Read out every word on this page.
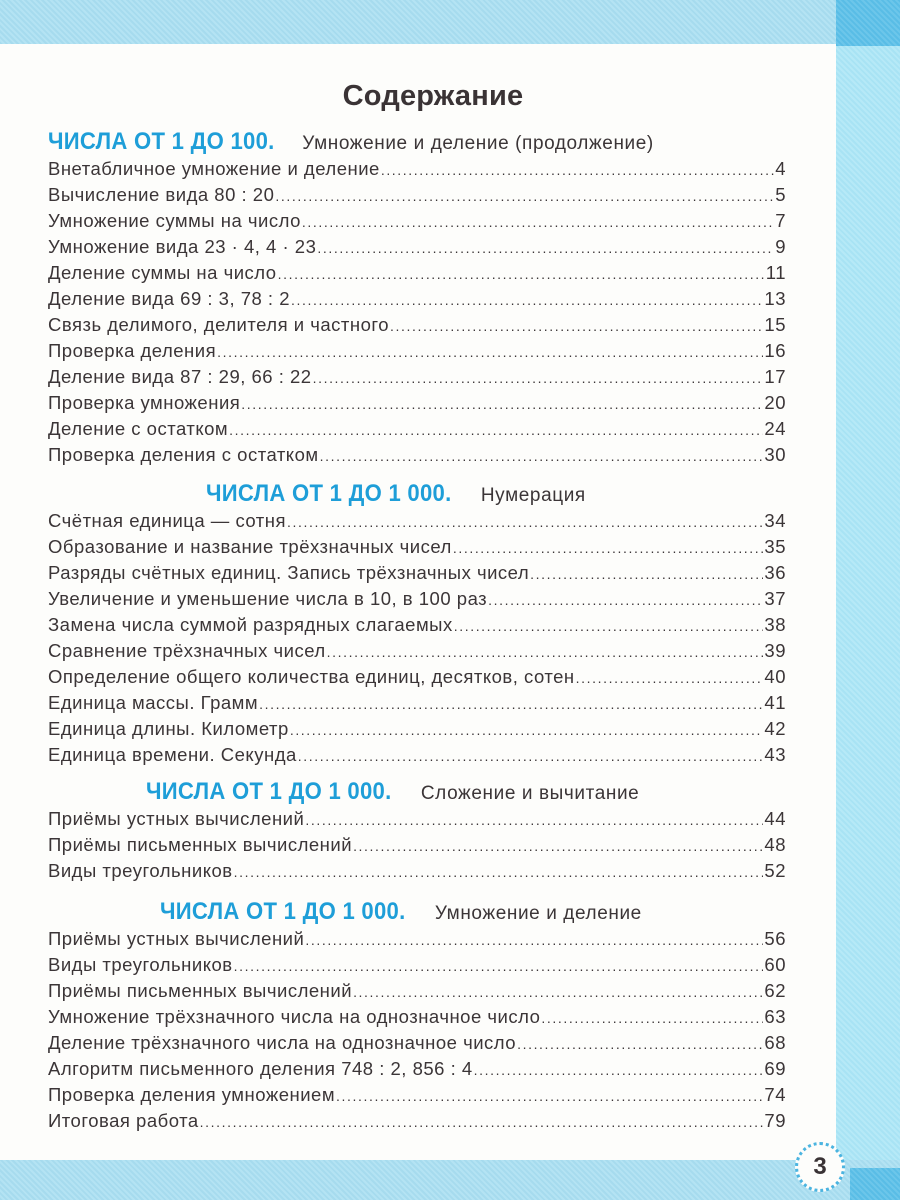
Содержание
ЧИСЛА ОТ 1 ДО 100. Умножение и деление (продолжение)
Внетабличное умножение и деление .....	4
Вычисление вида 80 : 20 .....	5
Умножение суммы на число .....	7
Умножение вида 23 · 4, 4 · 23 .....	9
Деление суммы на число .....	11
Деление вида 69 : 3, 78 : 2 .....	13
Связь делимого, делителя и частного .....	15
Проверка деления .....	16
Деление вида 87 : 29, 66 : 22 .....	17
Проверка умножения .....	20
Деление с остатком .....	24
Проверка деления с остатком .....	30
ЧИСЛА ОТ 1 ДО 1 000. Нумерация
Счётная единица — сотня .....	34
Образование и название трёхзначных чисел .....	35
Разряды счётных единиц. Запись трёхзначных чисел .....	36
Увеличение и уменьшение числа в 10, в 100 раз .....	37
Замена числа суммой разрядных слагаемых .....	38
Сравнение трёхзначных чисел .....	39
Определение общего количества единиц, десятков, сотен .....	40
Единица массы. Грамм .....	41
Единица длины. Километр .....	42
Единица времени. Секунда .....	43
ЧИСЛА ОТ 1 ДО 1 000. Сложение и вычитание
Приёмы устных вычислений .....	44
Приёмы письменных вычислений .....	48
Виды треугольников .....	52
ЧИСЛА ОТ 1 ДО 1 000. Умножение и деление
Приёмы устных вычислений .....	56
Виды треугольников .....	60
Приёмы письменных вычислений .....	62
Умножение трёхзначного числа на однозначное число .....	63
Деление трёхзначного числа на однозначное число .....	68
Алгоритм письменного деления 748 : 2, 856 : 4 .....	69
Проверка деления умножением .....	74
Итоговая работа .....	79
3
